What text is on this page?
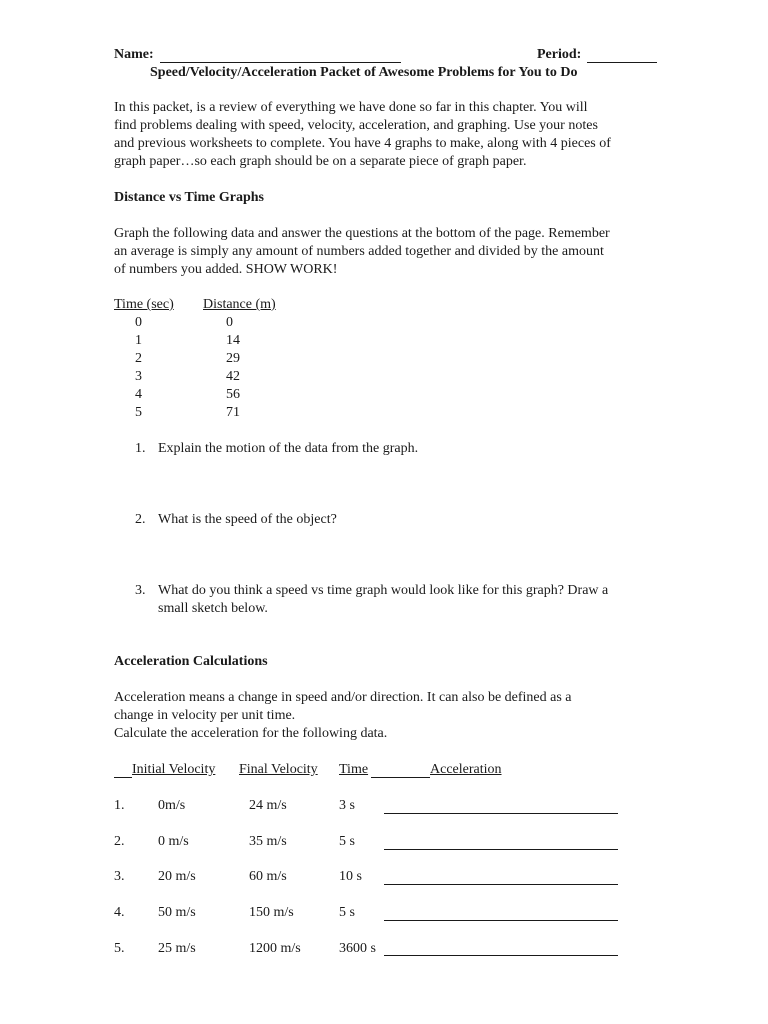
Name:	Period:
Speed/Velocity/Acceleration Packet of Awesome Problems for You to Do
In this packet, is a review of everything we have done so far in this chapter. You will
find problems dealing with speed, velocity, acceleration, and graphing. Use your notes
and previous worksheets to complete. You have 4 graphs to make, along with 4 pieces of
graph paper…so each graph should be on a separate piece of graph paper.
Distance vs Time Graphs
Graph the following data and answer the questions at the bottom of the page. Remember
an average is simply any amount of numbers added together and divided by the amount
of numbers you added. SHOW WORK!
Time (sec) Distance (m)
0	0
1	14
2	29
3	42
4	56
5	71
1. Explain the motion of the data from the graph.
2. What is the speed of the object?
3. What do you think a speed vs time graph would look like for this graph? Draw a
small sketch below.
Acceleration Calculations
Acceleration means a change in speed and/or direction. It can also be defined as a
change in velocity per unit time.
Calculate the acceleration for the following data.
Initial Velocity Final Velocity Time	Acceleration
1. 0m/s	24 m/s	3 s
2. 0 m/s	35 m/s	5 s
3. 20 m/s	60 m/s	10 s
4. 50 m/s	150 m/s	5 s
5. 25 m/s	1200 m/s	3600 s
